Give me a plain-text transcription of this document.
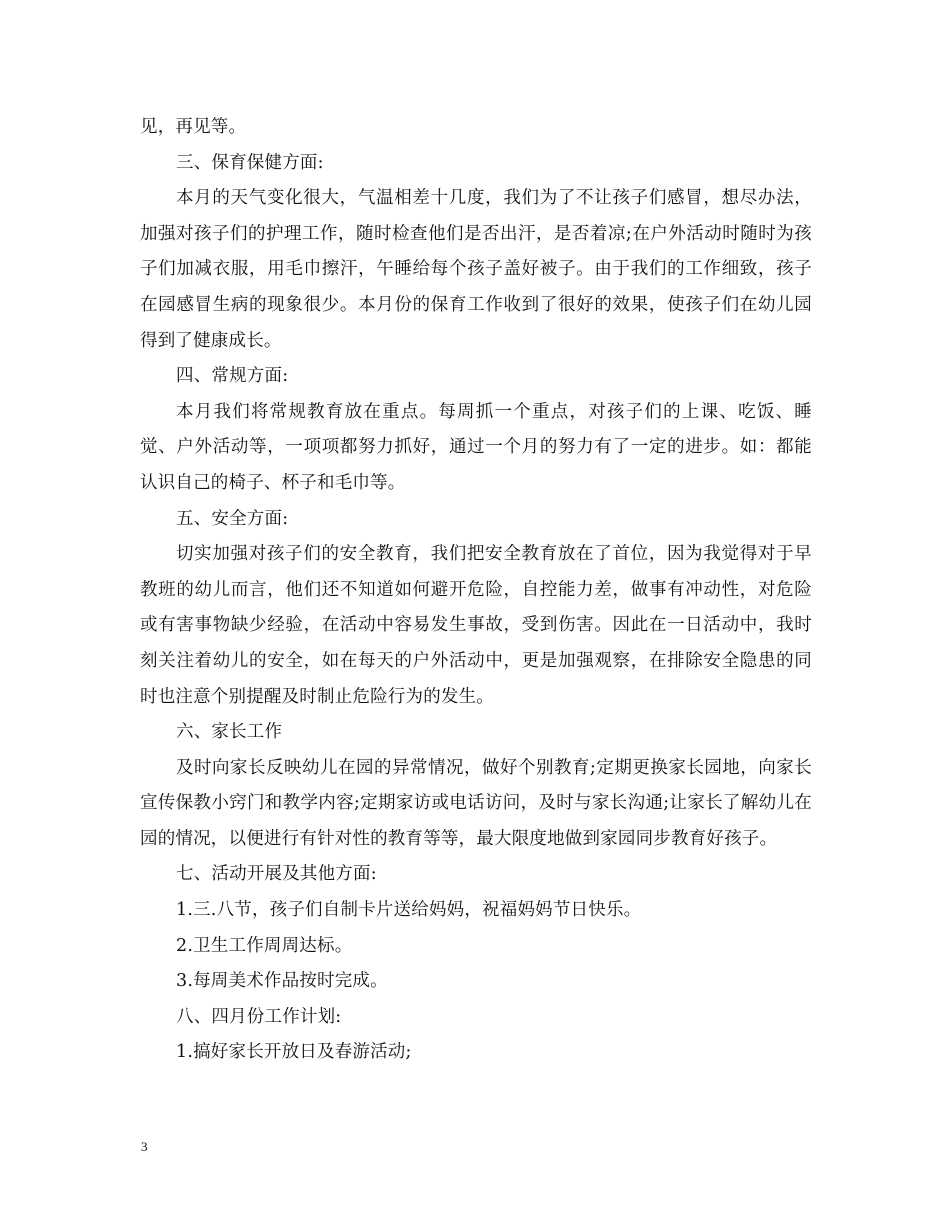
见，再见等。

三、保育保健方面:

本月的天气变化很大，气温相差十几度，我们为了不让孩子们感冒，想尽办法，加强对孩子们的护理工作，随时检查他们是否出汗，是否着凉;在户外活动时随时为孩子们加减衣服，用毛巾擦汗，午睡给每个孩子盖好被子。由于我们的工作细致，孩子在园感冒生病的现象很少。本月份的保育工作收到了很好的效果，使孩子们在幼儿园得到了健康成长。

四、常规方面:

本月我们将常规教育放在重点。每周抓一个重点，对孩子们的上课、吃饭、睡觉、户外活动等，一项项都努力抓好，通过一个月的努力有了一定的进步。如：都能认识自己的椅子、杯子和毛巾等。

五、安全方面:

切实加强对孩子们的安全教育，我们把安全教育放在了首位，因为我觉得对于早教班的幼儿而言，他们还不知道如何避开危险，自控能力差，做事有冲动性，对危险或有害事物缺少经验，在活动中容易发生事故，受到伤害。因此在一日活动中，我时刻关注着幼儿的安全，如在每天的户外活动中，更是加强观察，在排除安全隐患的同时也注意个别提醒及时制止危险行为的发生。

六、家长工作

及时向家长反映幼儿在园的异常情况，做好个别教育;定期更换家长园地，向家长宣传保教小窍门和教学内容;定期家访或电话访问，及时与家长沟通;让家长了解幼儿在园的情况，以便进行有针对性的教育等等，最大限度地做到家园同步教育好孩子。

七、活动开展及其他方面:

1.三.八节，孩子们自制卡片送给妈妈，祝福妈妈节日快乐。

2.卫生工作周周达标。

3.每周美术作品按时完成。

八、四月份工作计划:

1.搞好家长开放日及春游活动;

3
